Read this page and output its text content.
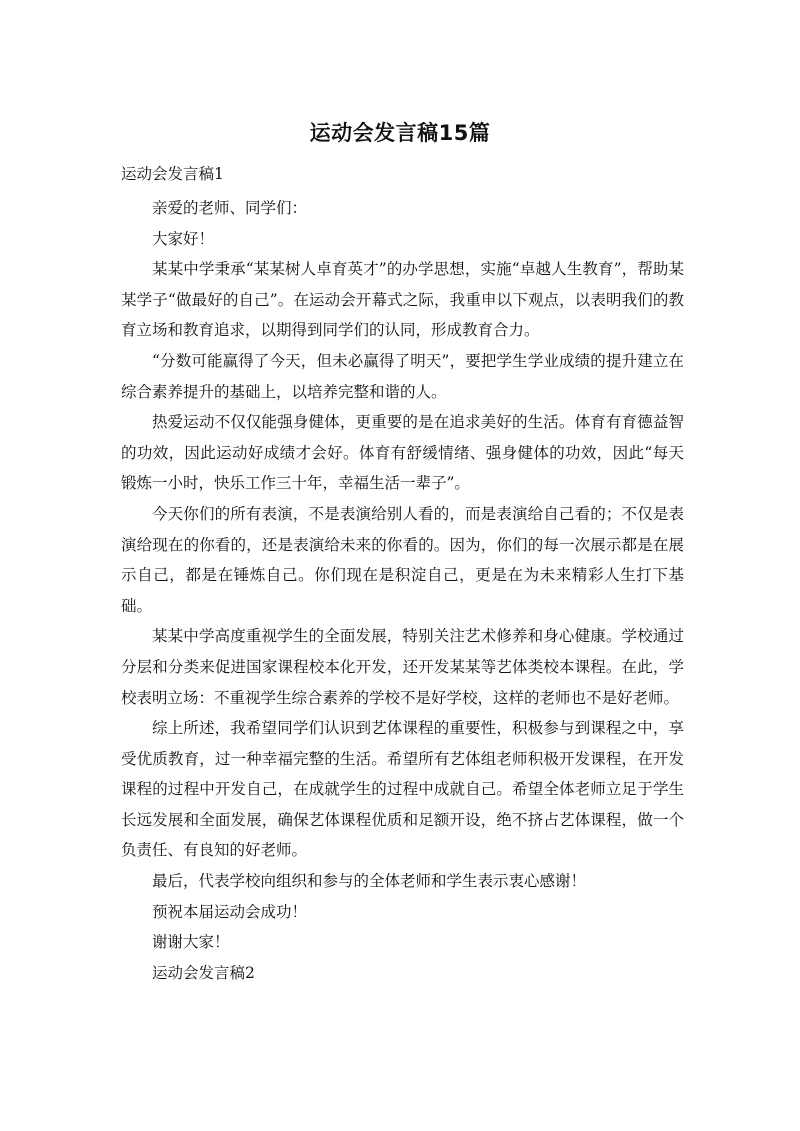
运动会发言稿15篇
运动会发言稿1

亲爱的老师、同学们：

大家好！

某某中学秉承“某某树人卓育英才”的办学思想，实施“卓越人生教育”，帮助某某学子“做最好的自己”。在运动会开幕式之际，我重申以下观点，以表明我们的教育立场和教育追求，以期得到同学们的认同，形成教育合力。

“分数可能赢得了今天，但未必赢得了明天”，要把学生学业成绩的提升建立在综合素养提升的基础上，以培养完整和谐的人。

热爱运动不仅仅能强身健体，更重要的是在追求美好的生活。体育有育德益智的功效，因此运动好成绩才会好。体育有舒缓情绪、强身健体的功效，因此“每天锻炼一小时，快乐工作三十年，幸福生活一辈子”。

今天你们的所有表演，不是表演给别人看的，而是表演给自己看的；不仅是表演给现在的你看的，还是表演给未来的你看的。因为，你们的每一次展示都是在展示自己，都是在锤炼自己。你们现在是积淀自己，更是在为未来精彩人生打下基础。

某某中学高度重视学生的全面发展，特别关注艺术修养和身心健康。学校通过分层和分类来促进国家课程校本化开发，还开发某某等艺体类校本课程。在此，学校表明立场：不重视学生综合素养的学校不是好学校，这样的老师也不是好老师。

综上所述，我希望同学们认识到艺体课程的重要性，积极参与到课程之中，享受优质教育，过一种幸福完整的生活。希望所有艺体组老师积极开发课程，在开发课程的过程中开发自己，在成就学生的过程中成就自己。希望全体老师立足于学生长远发展和全面发展，确保艺体课程优质和足额开设，绝不挤占艺体课程，做一个负责任、有良知的好老师。

最后，代表学校向组织和参与的全体老师和学生表示衷心感谢！

预祝本届运动会成功！

谢谢大家！

运动会发言稿2
